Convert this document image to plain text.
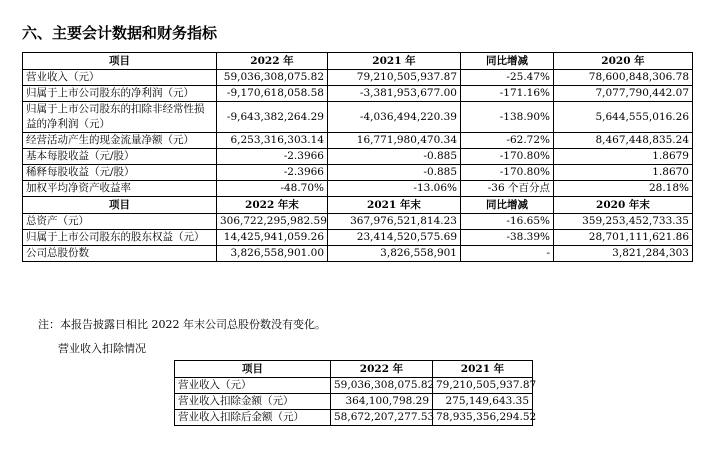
六、主要会计数据和财务指标
项目	2022 年	2021 年	同比增减	2020 年
营业收入（元）	59,036,308,075.82	79,210,505,937.87	-25.47%	78,600,848,306.78
归属于上市公司股东的净利润（元）	-9,170,618,058.58	-3,381,953,677.00	-171.16%	7,077,790,442.07
归属于上市公司股东的扣除非经常性损益的净利润（元）	-9,643,382,264.29	-4,036,494,220.39	-138.90%	5,644,555,016.26
经营活动产生的现金流量净额（元）	6,253,316,303.14	16,771,980,470.34	-62.72%	8,467,448,835.24
基本每股收益（元/股）	-2.3966	-0.885	-170.80%	1.8679
稀释每股收益（元/股）	-2.3966	-0.885	-170.80%	1.8670
加权平均净资产收益率	-48.70%	-13.06%	-36 个百分点	28.18%
项目	2022 年末	2021 年末	同比增减	2020 年末
总资产（元）	306,722,295,982.59	367,976,521,814.23	-16.65%	359,253,452,733.35
归属于上市公司股东的股东权益（元）	14,425,941,059.26	23,414,520,575.69	-38.39%	28,701,111,621.86
公司总股份数	3,826,558,901.00	3,826,558,901	-	3,821,284,303
注：本报告披露日相比 2022 年末公司总股份数没有变化。
营业收入扣除情况
项目	2022 年	2021 年
营业收入（元）	59,036,308,075.82	79,210,505,937.87
营业收入扣除金额（元）	364,100,798.29	275,149,643.35
营业收入扣除后金额（元）	58,672,207,277.53	78,935,356,294.52
